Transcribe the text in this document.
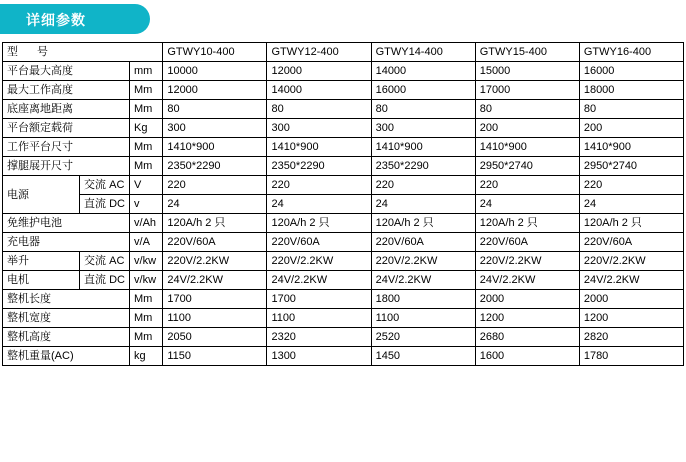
详细参数
型　号			GTWY10-400	GTWY12-400	GTWY14-400	GTWY15-400	GTWY16-400
平台最大高度		mm	10000	12000	14000	15000	16000
最大工作高度		Mm	12000	14000	16000	17000	18000
底座离地距离		Mm	80	80	80	80	80
平台额定载荷		Kg	300	300	300	200	200
工作平台尺寸		Mm	1410*900	1410*900	1410*900	1410*900	1410*900
撑腿展开尺寸		Mm	2350*2290	2350*2290	2350*2290	2950*2740	2950*2740
电源	交流 AC	V	220	220	220	220	220
	直流 DC	v	24	24	24	24	24
免维护电池		v/Ah	120A/h 2 只	120A/h 2 只	120A/h 2 只	120A/h 2 只	120A/h 2 只
充电器		v/A	220V/60A	220V/60A	220V/60A	220V/60A	220V/60A
举升	交流 AC	v/kw	220V/2.2KW	220V/2.2KW	220V/2.2KW	220V/2.2KW	220V/2.2KW
电机	直流 DC	v/kw	24V/2.2KW	24V/2.2KW	24V/2.2KW	24V/2.2KW	24V/2.2KW
整机长度		Mm	1700	1700	1800	2000	2000
整机宽度		Mm	1100	1100	1100	1200	1200
整机高度		Mm	2050	2320	2520	2680	2820
整机重量(AC)		kg	1150	1300	1450	1600	1780
